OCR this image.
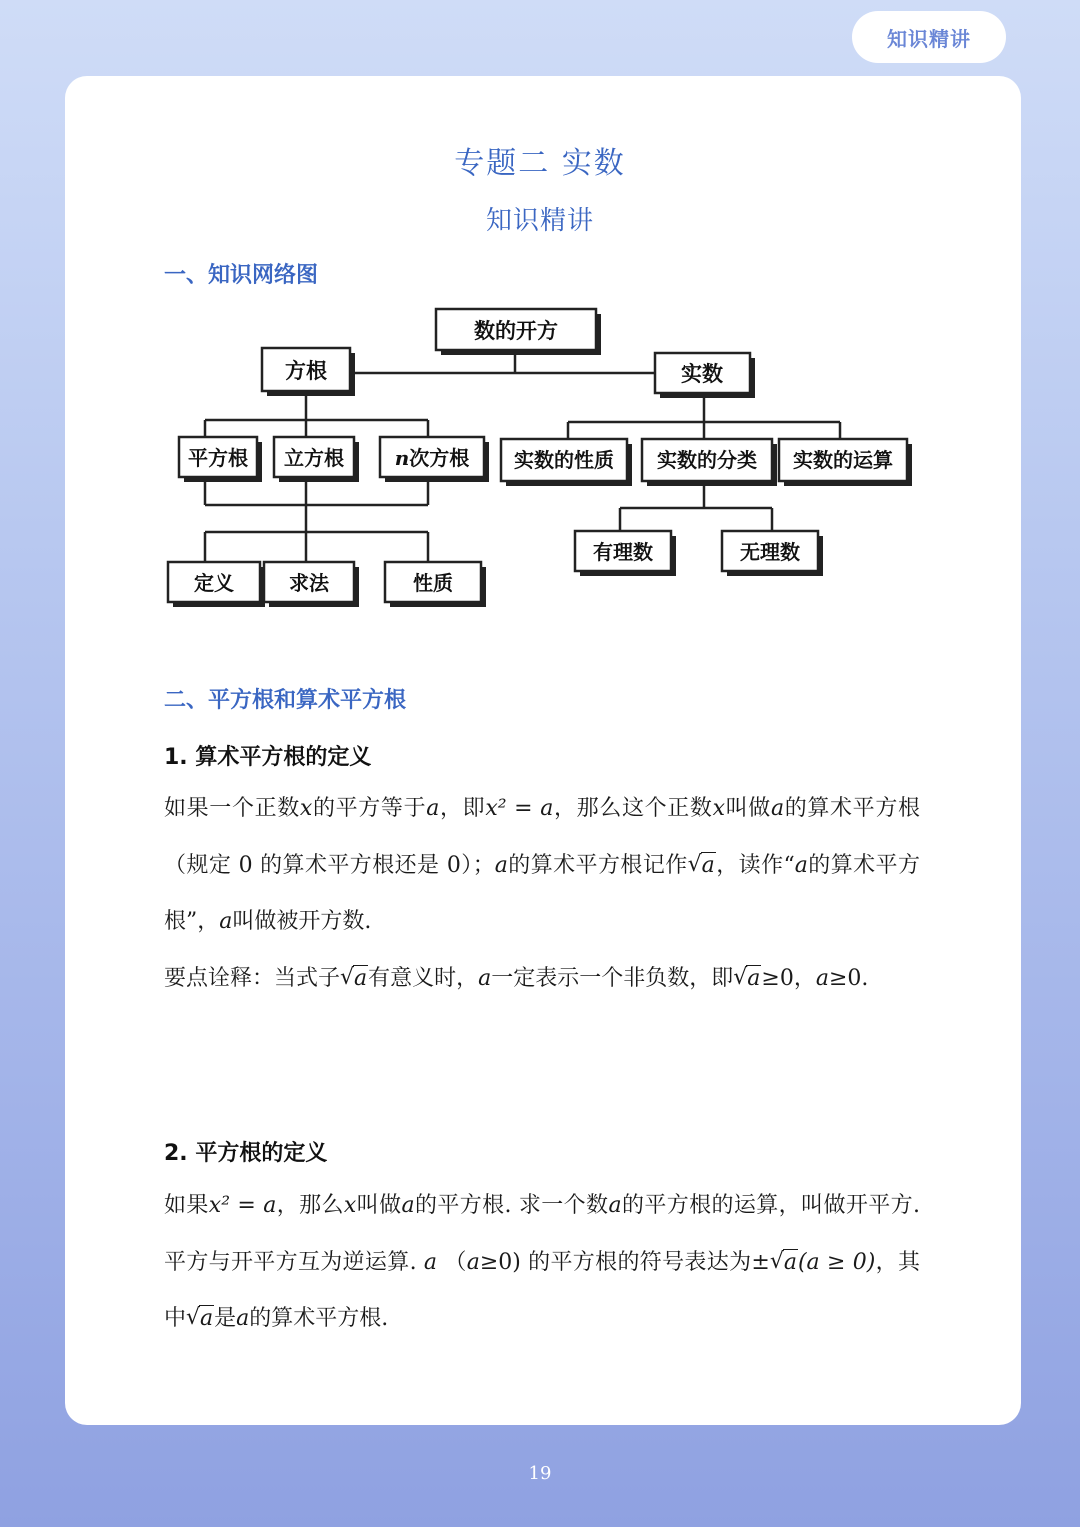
知识精讲
专题二 实数
知识精讲
一、知识网络图
数的开方
方根	实数
平方根 立方根	n次方根 实数的性质 实数的分类 实数的运算
定义	求法	性质
有理数	无理数
二、平方根和算术平方根
1. 算术平方根的定义
如果一个正数x的平方等于a，即x² = a，那么这个正数x叫做a的算术平方根（规定 0 的算术平方根还是 0）；a的算术平方根记作 √ a，读作“a的算术平方根”，a叫做被开方数.
要点诠释：当式子 √ a有意义时，a一定表示一个非负数，即 √ a≥0，a≥0.
2. 平方根的定义
如果x² = a，那么x叫做a的平方根. 求一个数a的平方根的运算，叫做开平方. 平方与开平方互为逆运算. a （a≥0) 的平方根的符号表达为± √ a(a ≥ 0)，其中 √ a是a的算术平方根.
19
